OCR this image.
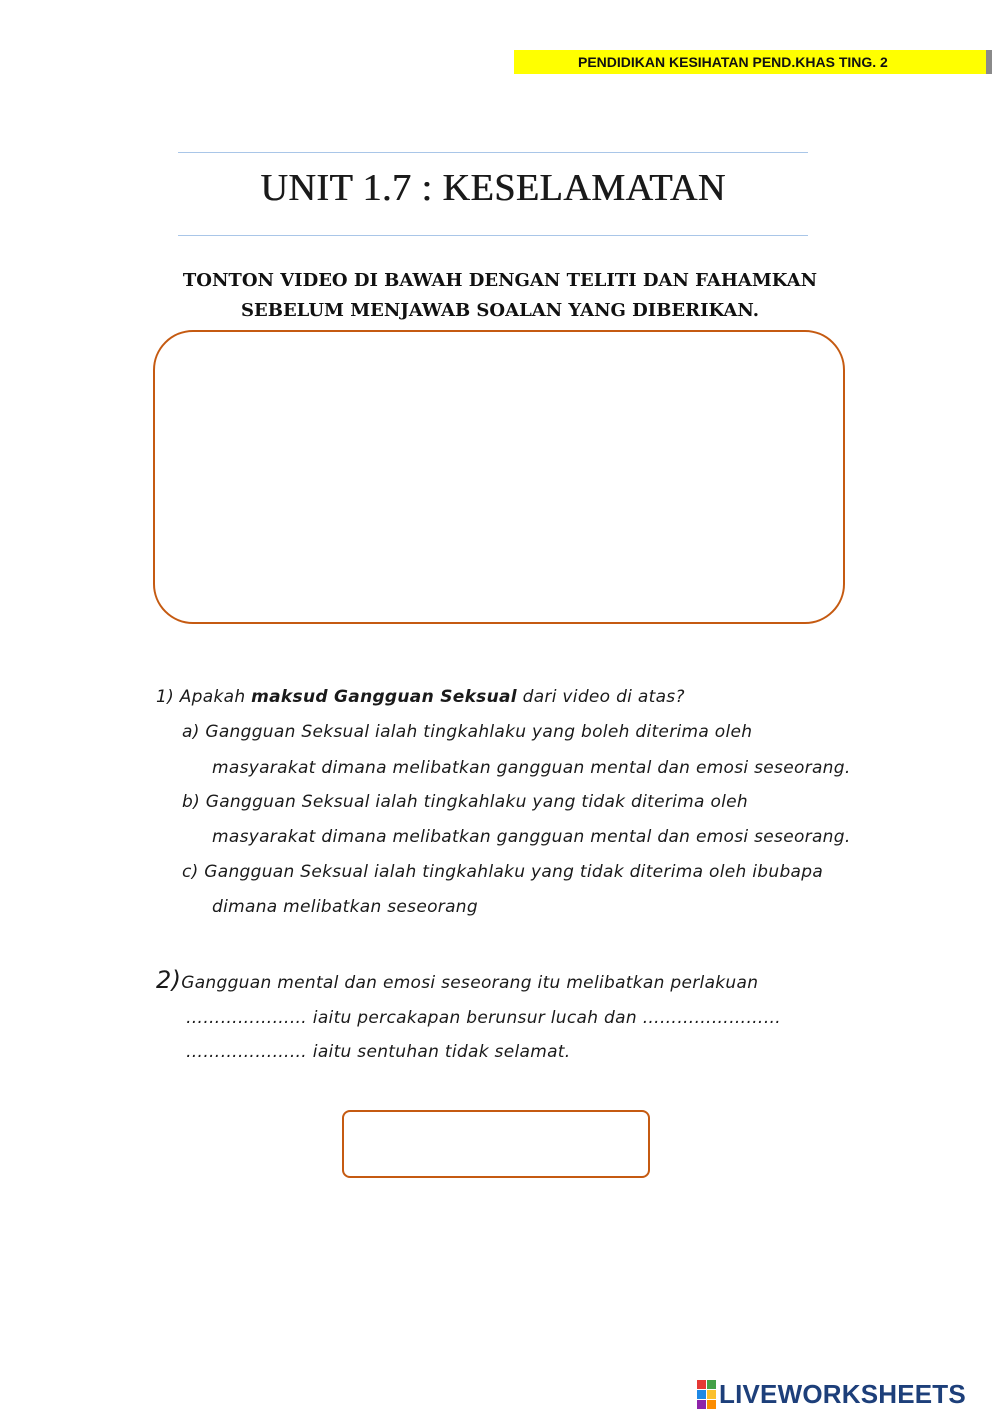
PENDIDIKAN KESIHATAN PEND.KHAS TING. 2
UNIT 1.7 : KESELAMATAN
TONTON VIDEO DI BAWAH DENGAN TELITI DAN FAHAMKAN
SEBELUM MENJAWAB SOALAN YANG DIBERIKAN.
1) Apakah maksud Gangguan Seksual dari video di atas?
a) Gangguan Seksual ialah tingkahlaku yang boleh diterima oleh
masyarakat dimana melibatkan gangguan mental dan emosi seseorang.
b) Gangguan Seksual ialah tingkahlaku yang tidak diterima oleh
masyarakat dimana melibatkan gangguan mental dan emosi seseorang.
c) Gangguan Seksual ialah tingkahlaku yang tidak diterima oleh ibubapa
dimana melibatkan seseorang
2)Gangguan mental dan emosi seseorang itu melibatkan perlakuan
………………… iaitu percakapan berunsur lucah dan ……………………
………………… iaitu sentuhan tidak selamat.
LIVEWORKSHEETS
